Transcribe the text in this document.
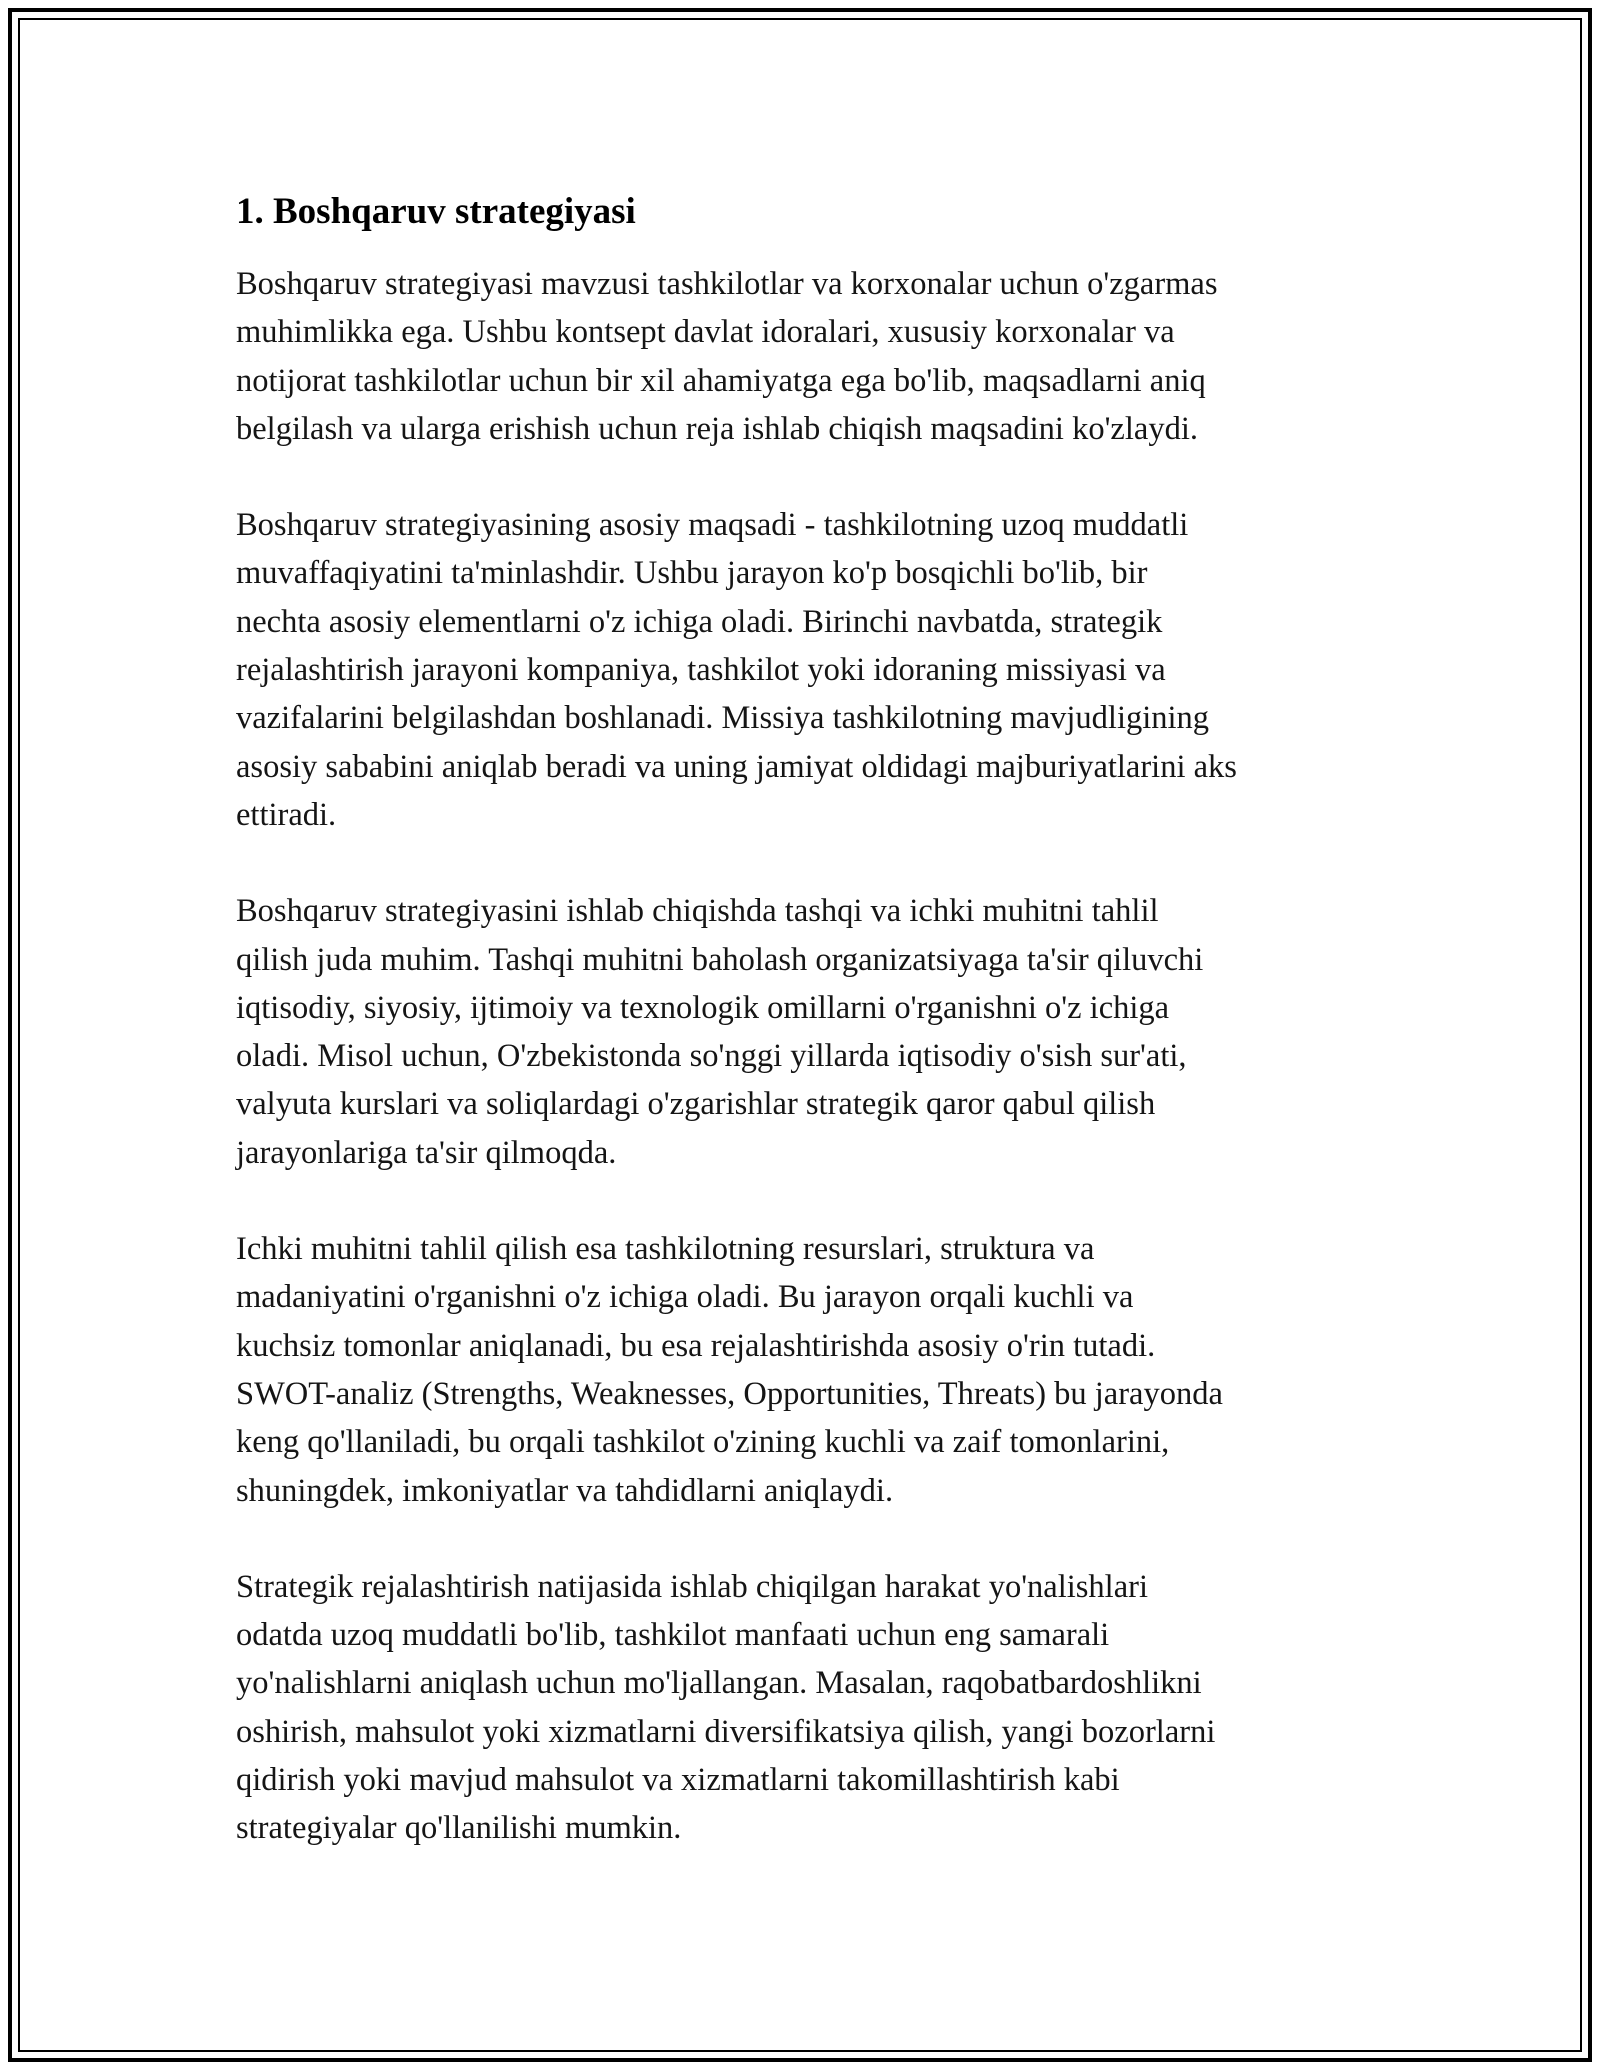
1. Boshqaruv strategiyasi

Boshqaruv strategiyasi mavzusi tashkilotlar va korxonalar uchun o'zgarmas
muhimlikka ega. Ushbu kontsept davlat idoralari, xususiy korxonalar va
notijorat tashkilotlar uchun bir xil ahamiyatga ega bo'lib, maqsadlarni aniq
belgilash va ularga erishish uchun reja ishlab chiqish maqsadini ko'zlaydi.

Boshqaruv strategiyasining asosiy maqsadi - tashkilotning uzoq muddatli
muvaffaqiyatini ta'minlashdir. Ushbu jarayon ko'p bosqichli bo'lib, bir
nechta asosiy elementlarni o'z ichiga oladi. Birinchi navbatda, strategik
rejalashtirish jarayoni kompaniya, tashkilot yoki idoraning missiyasi va
vazifalarini belgilashdan boshlanadi. Missiya tashkilotning mavjudligining
asosiy sababini aniqlab beradi va uning jamiyat oldidagi majburiyatlarini aks
ettiradi.

Boshqaruv strategiyasini ishlab chiqishda tashqi va ichki muhitni tahlil
qilish juda muhim. Tashqi muhitni baholash organizatsiyaga ta'sir qiluvchi
iqtisodiy, siyosiy, ijtimoiy va texnologik omillarni o'rganishni o'z ichiga
oladi. Misol uchun, O'zbekistonda so'nggi yillarda iqtisodiy o'sish sur'ati,
valyuta kurslari va soliqlardagi o'zgarishlar strategik qaror qabul qilish
jarayonlariga ta'sir qilmoqda.

Ichki muhitni tahlil qilish esa tashkilotning resurslari, struktura va
madaniyatini o'rganishni o'z ichiga oladi. Bu jarayon orqali kuchli va
kuchsiz tomonlar aniqlanadi, bu esa rejalashtirishda asosiy o'rin tutadi.
SWOT-analiz (Strengths, Weaknesses, Opportunities, Threats) bu jarayonda
keng qo'llaniladi, bu orqali tashkilot o'zining kuchli va zaif tomonlarini,
shuningdek, imkoniyatlar va tahdidlarni aniqlaydi.

Strategik rejalashtirish natijasida ishlab chiqilgan harakat yo'nalishlari
odatda uzoq muddatli bo'lib, tashkilot manfaati uchun eng samarali
yo'nalishlarni aniqlash uchun mo'ljallangan. Masalan, raqobatbardoshlikni
oshirish, mahsulot yoki xizmatlarni diversifikatsiya qilish, yangi bozorlarni
qidirish yoki mavjud mahsulot va xizmatlarni takomillashtirish kabi
strategiyalar qo'llanilishi mumkin.
